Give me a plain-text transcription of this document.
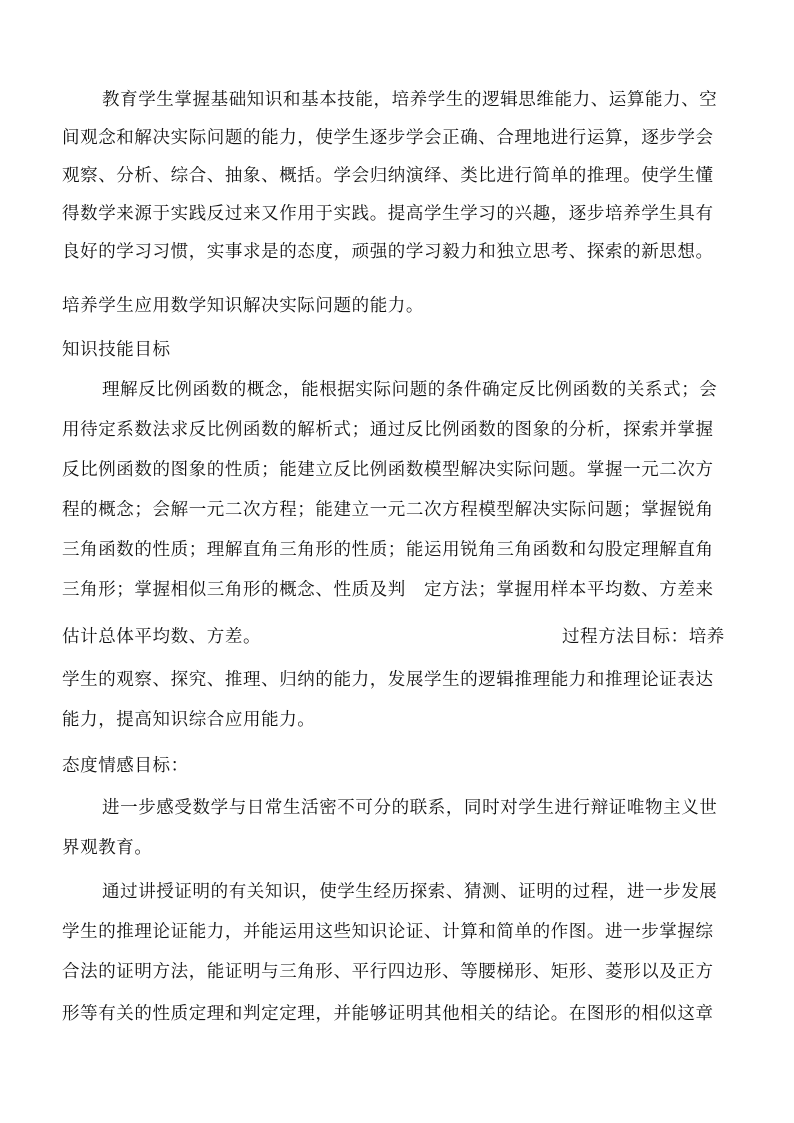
教育学生掌握基础知识和基本技能，培养学生的逻辑思维能力、运算能力、空
间观念和解决实际问题的能力，使学生逐步学会正确、合理地进行运算，逐步学会
观察、分析、综合、抽象、概括。学会归纳演绎、类比进行简单的推理。使学生懂
得数学来源于实践反过来又作用于实践。提高学生学习的兴趣，逐步培养学生具有
良好的学习习惯，实事求是的态度，顽强的学习毅力和独立思考、探索的新思想。
培养学生应用数学知识解决实际问题的能力。
知识技能目标
理解反比例函数的概念，能根据实际问题的条件确定反比例函数的关系式；会
用待定系数法求反比例函数的解析式；通过反比例函数的图象的分析，探索并掌握
反比例函数的图象的性质；能建立反比例函数模型解决实际问题。掌握一元二次方
程的概念；会解一元二次方程；能建立一元二次方程模型解决实际问题；掌握锐角
三角函数的性质；理解直角三角形的性质；能运用锐角三角函数和勾股定理解直角
三角形；掌握相似三角形的概念、性质及判　定方法；掌握用样本平均数、方差来
估计总体平均数、方差。	过程方法目标：培养
学生的观察、探究、推理、归纳的能力，发展学生的逻辑推理能力和推理论证表达
能力，提高知识综合应用能力。
态度情感目标：
进一步感受数学与日常生活密不可分的联系，同时对学生进行辩证唯物主义世
界观教育。
通过讲授证明的有关知识，使学生经历探索、猜测、证明的过程，进一步发展
学生的推理论证能力，并能运用这些知识论证、计算和简单的作图。进一步掌握综
合法的证明方法，能证明与三角形、平行四边形、等腰梯形、矩形、菱形以及正方
形等有关的性质定理和判定定理，并能够证明其他相关的结论。在图形的相似这章
